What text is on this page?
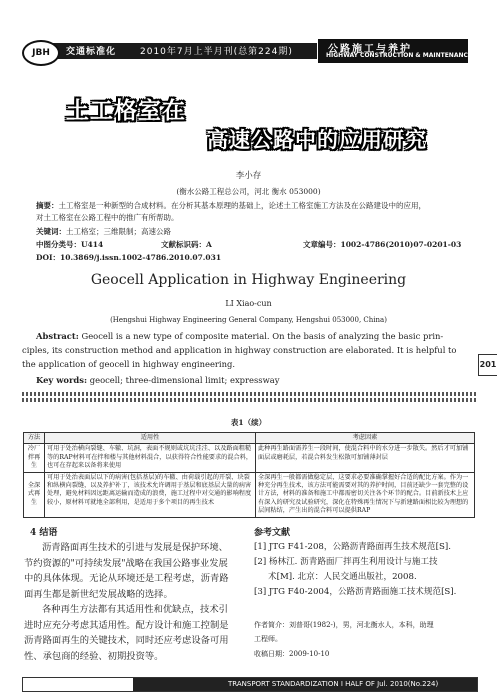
JBH	交通标准化	2010年7月上半月刊(总第224期)	公路施工与养护
HIGHWAY CONSTRUCTION & MAINTENANCE
土工格室在
高速公路中的应用研究
李小存
(衡水公路工程总公司，河北 衡水 053000)
摘要：土工格室是一种新型的合成材料。在分析其基本原理的基础上，论述土工格室施工方法及在公路建设中的应用，
对土工格室在公路工程中的推广有所帮助。
关键词：土工格室；三维限制；高速公路
中图分类号：U414	文献标识码：A	文章编号：1002-4786(2010)07-0201-03
DOI：10.3869/j.issn.1002-4786.2010.07.031
Geocell Application in Highway Engineering
LI Xiao-cun
(Hengshui Highway Engineering General Company, Hengshui 053000, China)
Abstract: Geocell is a new type of composite material. On the basis of analyzing the basic prin-
ciples, its construction method and application in highway construction are elaborated. It is helpful to
the application of geocell in highway engineering.
Key words: geocell; three-dimensional limit; expressway
201
表1（续）
方法	适用性	考虑因素
冷厂拌再生	可用于处治横向裂缝、车辙、坑洞，表面不规则或坑坑洼洼、以及路面粗糙等的RAP材料可在拌和楼与其他材料混合，以获得符合性能要求的混合料，也可在存起来以备将来使用	此种再生路面需养生一段时间，使混合料中的水分进一步散失。然后才可加铺面层或磨耗层，若混合料发生松散可加铺薄封层
全深式再生	可用于处治表面层以下的病害(包括基层)的车辙、由荷载引起的开裂、块裂和纵横向裂缝，以及养护补丁，该技术允许调用于基层和底基层大量的病害处理，避免材料因远距离运输而造成的浪费，施工过程中对交通的影响程度较小，原材料可就地全部利用，是适用于多个项目的再生技术	全深再生一般都需做稳定层，这要求必要准确掌握好合适的配比方案。作为一种充分再生技术，该方法可能需要对其的养护时间，目前还缺少一套完整的设计方法，材料的准备和施工中都需密切关注各个环节的配合。目前新技术上应有深入的研究及试验研究，深化在特殊再生情况下与新建路面相比较为理想的层间粘结，产生出的混合料可以提供RAP
4 结语
沥青路面再生技术的引进与发展是保护环境、
节约资源的"可持续发展"战略在我国公路事业发展
中的具体体现。无论从环境还是工程考虑，沥青路
面再生都是新世纪发展战略的选择。
各种再生方法都有其适用性和优缺点，技术引
进时应充分考虑其适用性。配方设计和施工控制是
沥青路面再生的关键技术，同时还应考虑设备可用
性、承包商的经验、初期投资等。
参考文献
[1] JTG F41-208，公路沥青路面再生技术规范[S].
[2] 杨林江. 沥青路面厂拌再生利用设计与施工技
术[M]. 北京：人民交通出版社，2008.
[3] JTG F40-2004，公路沥青路面施工技术规范[S].
作者简介：刘普哥(1982-)，男，河北衡水人，本科，助理
工程师。
收稿日期：2009-10-10
TRANSPORT STANDARDIZATION I HALF OF Jul. 2010(No.224)
